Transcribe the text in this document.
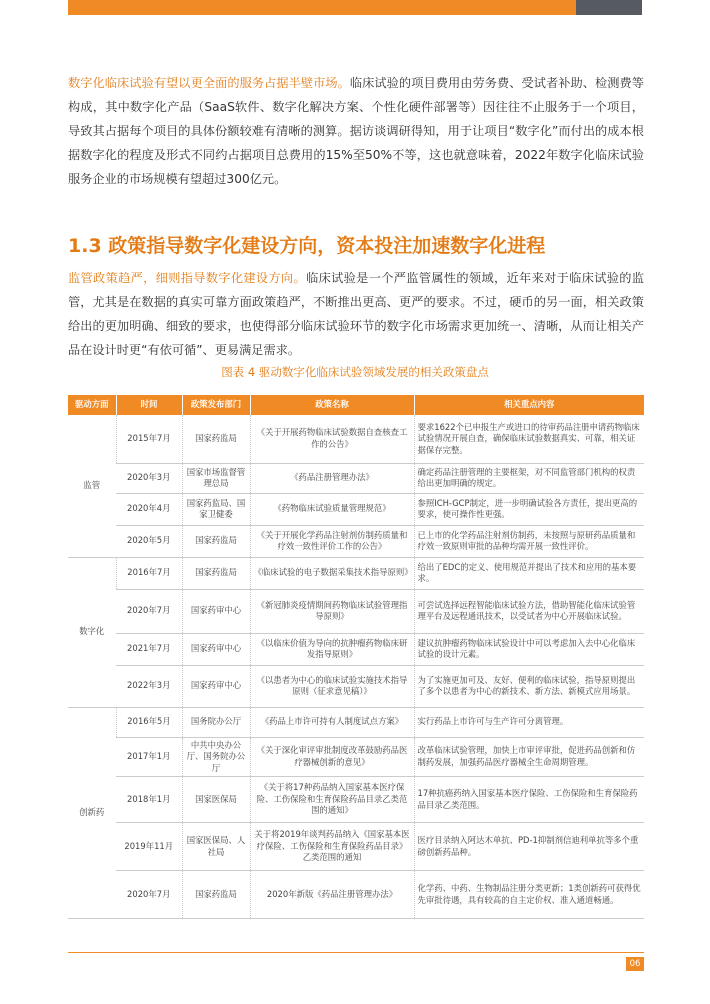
数字化临床试验有望以更全面的服务占据半壁市场。临床试验的项目费用由劳务费、受试者补助、检测费等构成，其中数字化产品（SaaS软件、数字化解决方案、个性化硬件部署等）因往往不止服务于一个项目，导致其占据每个项目的具体份额较难有清晰的测算。据访谈调研得知，用于让项目“数字化”而付出的成本根据数字化的程度及形式不同约占据项目总费用的15%至50%不等，这也就意味着，2022年数字化临床试验服务企业的市场规模有望超过300亿元。

1.3 政策指导数字化建设方向，资本投注加速数字化进程

监管政策趋严，细则指导数字化建设方向。临床试验是一个严监管属性的领域，近年来对于临床试验的监管，尤其是在数据的真实可靠方面政策趋严，不断推出更高、更严的要求。不过，硬币的另一面，相关政策给出的更加明确、细致的要求，也使得部分临床试验环节的数字化市场需求更加统一、清晰，从而让相关产品在设计时更“有依可循”、更易满足需求。

图表 4 驱动数字化临床试验领域发展的相关政策盘点

驱动方面	时间	政策发布部门	政策名称	相关重点内容
监管	2015年7月	国家药监局	《关于开展药物临床试验数据自查核查工作的公告》	要求1622个已申报生产或进口的待审药品注册申请药物临床试验情况开展自查，确保临床试验数据真实、可靠，相关证据保存完整。
	2020年3月	国家市场监督管理总局	《药品注册管理办法》	确定药品注册管理的主要框架，对不同监管部门机构的权责给出更加明确的规定。
	2020年4月	国家药监局、国家卫健委	《药物临床试验质量管理规范》	参照ICH-GCP制定，进一步明确试验各方责任，提出更高的要求，使可操作性更强。
	2020年5月	国家药监局	《关于开展化学药品注射剂仿制药质量和疗效一致性评价工作的公告》	已上市的化学药品注射剂仿制药，未按照与原研药品质量和疗效一致原则审批的品种均需开展一致性评价。
数字化	2016年7月	国家药监局	《临床试验的电子数据采集技术指导原则》	给出了EDC的定义、使用规范并提出了技术和应用的基本要求。
	2020年7月	国家药审中心	《新冠肺炎疫情期间药物临床试验管理指导原则》	可尝试选择远程智能临床试验方法，借助智能化临床试验管理平台及远程通讯技术，以受试者为中心开展临床试验。
	2021年7月	国家药审中心	《以临床价值为导向的抗肿瘤药物临床研发指导原则》	建议抗肿瘤药物临床试验设计中可以考虑加入去中心化临床试验的设计元素。
	2022年3月	国家药审中心	《以患者为中心的临床试验实施技术指导原则（征求意见稿）》	为了实施更加可及、友好、便利的临床试验，指导原则提出了多个以患者为中心的新技术、新方法、新模式应用场景。
创新药	2016年5月	国务院办公厅	《药品上市许可持有人制度试点方案》	实行药品上市许可与生产许可分离管理。
	2017年1月	中共中央办公厅、国务院办公厅	《关于深化审评审批制度改革鼓励药品医疗器械创新的意见》	改革临床试验管理，加快上市审评审批，促进药品创新和仿制药发展，加强药品医疗器械全生命周期管理。
	2018年1月	国家医保局	《关于将17种药品纳入国家基本医疗保险、工伤保险和生育保险药品目录乙类范围的通知》	17种抗癌药纳入国家基本医疗保险、工伤保险和生育保险药品目录乙类范围。
	2019年11月	国家医保局、人社局	关于将2019年谈判药品纳入《国家基本医疗保险、工伤保险和生育保险药品目录》乙类范围的通知	医疗目录纳入阿达木单抗、PD-1抑制剂信迪利单抗等多个重磅创新药品种。
	2020年7月	国家药监局	2020年新版《药品注册管理办法》	化学药、中药、生物制品注册分类更新；1类创新药可获得优先审批待遇，具有较高的自主定价权、准入通道畅通。
06
